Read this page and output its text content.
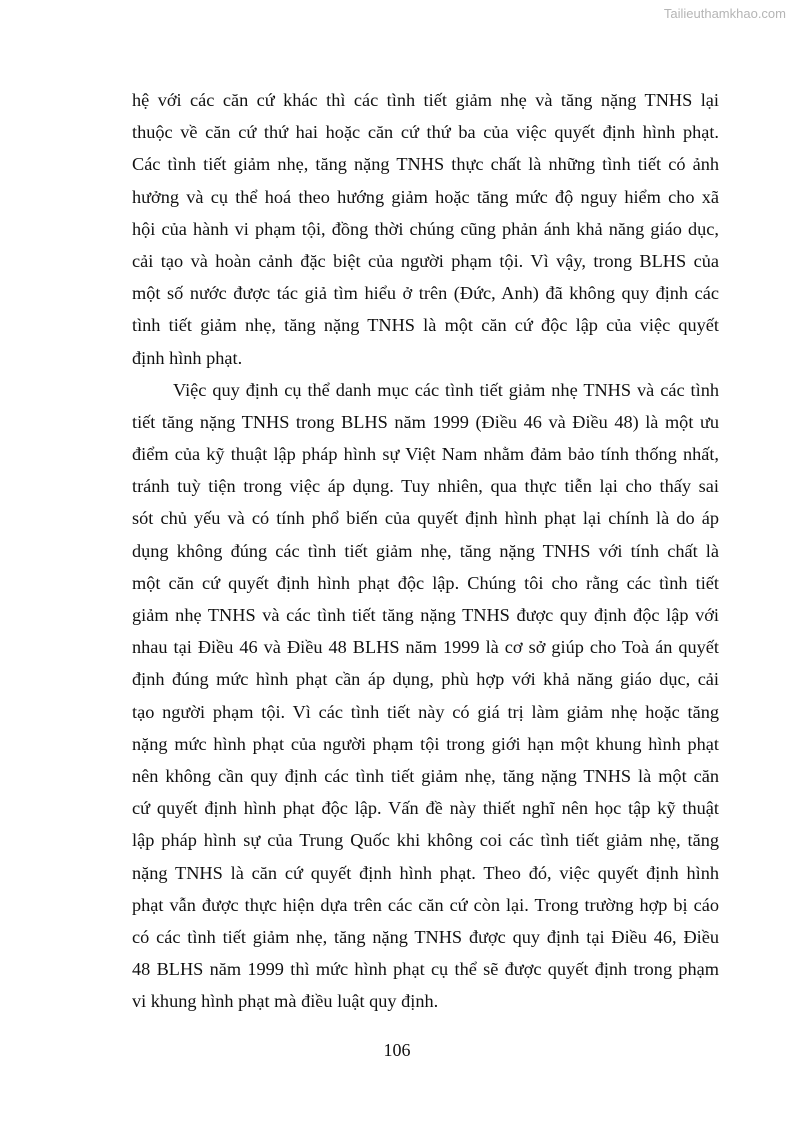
Tailieuthamkhao.com
hệ với các căn cứ khác thì các tình tiết giảm nhẹ và tăng nặng TNHS lại
thuộc về căn cứ thứ hai hoặc căn cứ thứ ba của việc quyết định hình phạt.
Các tình tiết giảm nhẹ, tăng nặng TNHS thực chất là những tình tiết có ảnh
hưởng và cụ thể hoá theo hướng giảm hoặc tăng mức độ nguy hiểm cho xã
hội của hành vi phạm tội, đồng thời chúng cũng phản ánh khả năng giáo dục,
cải tạo và hoàn cảnh đặc biệt của người phạm tội. Vì vậy, trong BLHS của
một số nước được tác giả tìm hiểu ở trên (Đức, Anh) đã không quy định các
tình tiết giảm nhẹ, tăng nặng TNHS là một căn cứ độc lập của việc quyết
định hình phạt.
Việc quy định cụ thể danh mục các tình tiết giảm nhẹ TNHS và các tình
tiết tăng nặng TNHS trong BLHS năm 1999 (Điều 46 và Điều 48) là một ưu
điểm của kỹ thuật lập pháp hình sự Việt Nam nhằm đảm bảo tính thống nhất,
tránh tuỳ tiện trong việc áp dụng. Tuy nhiên, qua thực tiễn lại cho thấy sai
sót chủ yếu và có tính phổ biến của quyết định hình phạt lại chính là do áp
dụng không đúng các tình tiết giảm nhẹ, tăng nặng TNHS với tính chất là
một căn cứ quyết định hình phạt độc lập. Chúng tôi cho rằng các tình tiết
giảm nhẹ TNHS và các tình tiết tăng nặng TNHS được quy định độc lập với
nhau tại Điều 46 và Điều 48 BLHS năm 1999 là cơ sở giúp cho Toà án quyết
định đúng mức hình phạt cần áp dụng, phù hợp với khả năng giáo dục, cải
tạo người phạm tội. Vì các tình tiết này có giá trị làm giảm nhẹ hoặc tăng
nặng mức hình phạt của người phạm tội trong giới hạn một khung hình phạt
nên không cần quy định các tình tiết giảm nhẹ, tăng nặng TNHS là một căn
cứ quyết định hình phạt độc lập. Vấn đề này thiết nghĩ nên học tập kỹ thuật
lập pháp hình sự của Trung Quốc khi không coi các tình tiết giảm nhẹ, tăng
nặng TNHS là căn cứ quyết định hình phạt. Theo đó, việc quyết định hình
phạt vẫn được thực hiện dựa trên các căn cứ còn lại. Trong trường hợp bị cáo
có các tình tiết giảm nhẹ, tăng nặng TNHS được quy định tại Điều 46, Điều
48 BLHS năm 1999 thì mức hình phạt cụ thể sẽ được quyết định trong phạm
vi khung hình phạt mà điều luật quy định.
106
